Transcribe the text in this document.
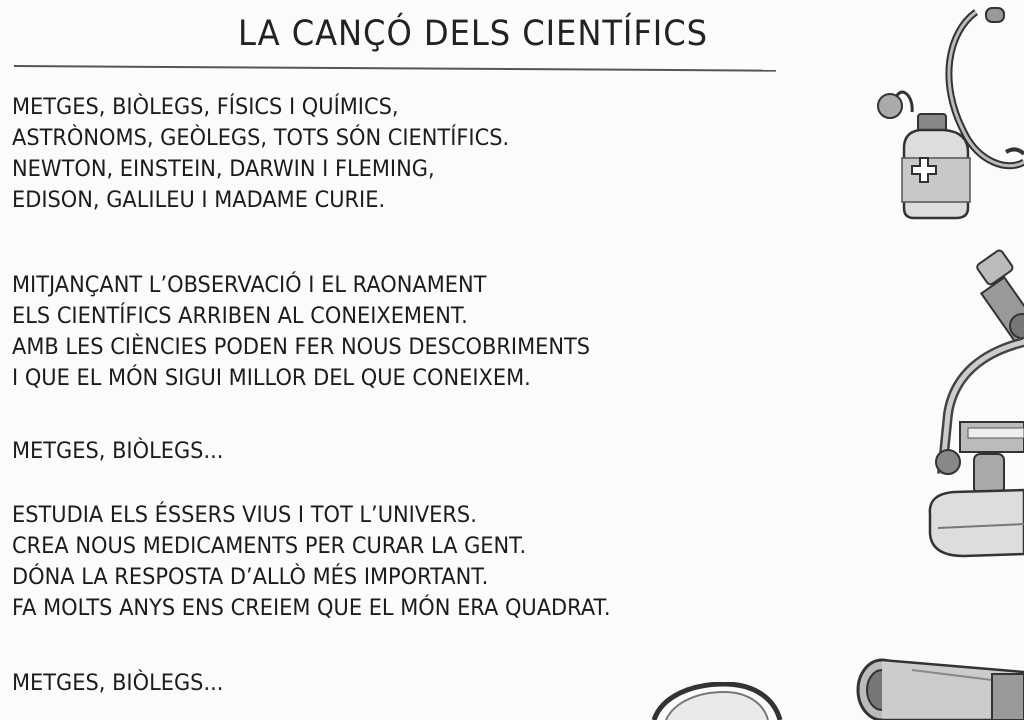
LA CANÇÓ DELS CIENTÍFICS
METGES, BIÒLEGS, FÍSICS I QUÍMICS,
ASTRÒNOMS, GEÒLEGS, TOTS SÓN CIENTÍFICS.
NEWTON, EINSTEIN, DARWIN I FLEMING,
EDISON, GALILEU I MADAME CURIE.
MITJANÇANT L’OBSERVACIÓ I EL RAONAMENT
ELS CIENTÍFICS ARRIBEN AL CONEIXEMENT.
AMB LES CIÈNCIES PODEN FER NOUS DESCOBRIMENTS
I QUE EL MÓN SIGUI MILLOR DEL QUE CONEIXEM.
METGES, BIÒLEGS...
ESTUDIA ELS ÉSSERS VIUS I TOT L’UNIVERS.
CREA NOUS MEDICAMENTS PER CURAR LA GENT.
DÓNA LA RESPOSTA D’ALLÒ MÉS IMPORTANT.
FA MOLTS ANYS ENS CREIEM QUE EL MÓN ERA QUADRAT.
METGES, BIÒLEGS...
